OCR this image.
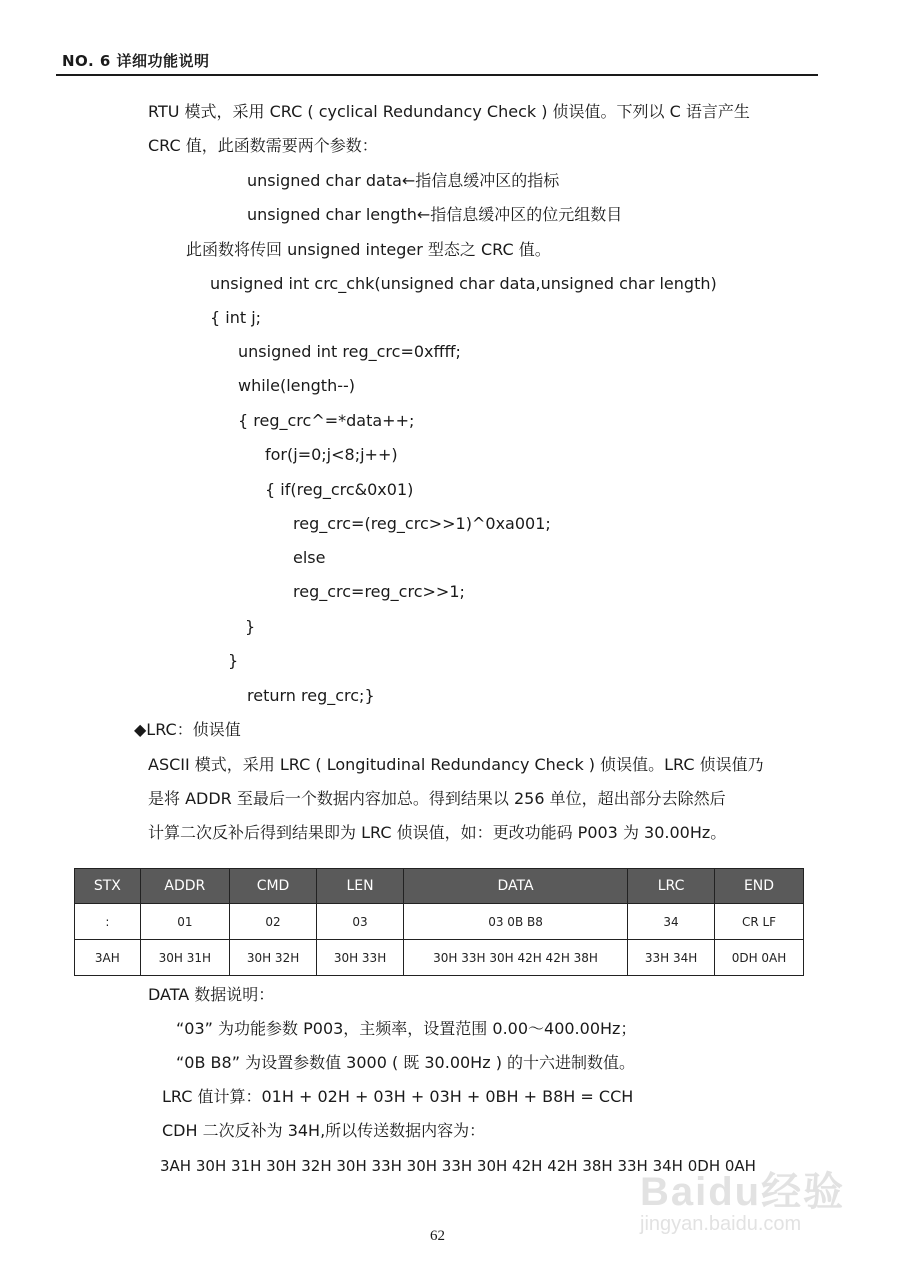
NO. 6 详细功能说明
RTU 模式，采用 CRC ( cyclical Redundancy Check ) 侦误值。下列以 C 语言产生
CRC 值，此函数需要两个参数：
unsigned char data←指信息缓冲区的指标
unsigned char length←指信息缓冲区的位元组数目
此函数将传回 unsigned integer 型态之 CRC 值。
unsigned int crc_chk(unsigned char data,unsigned char length)
{ int j;
unsigned int reg_crc=0xffff;
while(length--)
{ reg_crc^=*data++;
for(j=0;j<8;j++)
{ if(reg_crc&0x01)
reg_crc=(reg_crc>>1)^0xa001;
else
reg_crc=reg_crc>>1;
}
}
return reg_crc;}
◆LRC：侦误值
ASCII 模式，采用 LRC ( Longitudinal Redundancy Check ) 侦误值。LRC 侦误值乃
是将 ADDR 至最后一个数据内容加总。得到结果以 256 单位，超出部分去除然后
计算二次反补后得到结果即为 LRC 侦误值，如：更改功能码 P003 为 30.00Hz。
STX	ADDR	CMD	LEN	DATA	LRC	END
:	01	02	03	03 0B B8	34	CR LF
3AH	30H 31H	30H 32H	30H 33H	30H 33H 30H 42H 42H 38H	33H 34H	0DH 0AH
DATA 数据说明：
“03” 为功能参数 P003，主频率，设置范围 0.00～400.00Hz；
“0B B8” 为设置参数值 3000 ( 既 30.00Hz ) 的十六进制数值。
LRC 值计算：01H + 02H + 03H + 03H + 0BH + B8H = CCH
CDH 二次反补为 34H,所以传送数据内容为：
3AH 30H 31H 30H 32H 30H 33H 30H 33H 30H 42H 42H 38H 33H 34H 0DH 0AH
Baidu经验
jingyan.baidu.com
62
